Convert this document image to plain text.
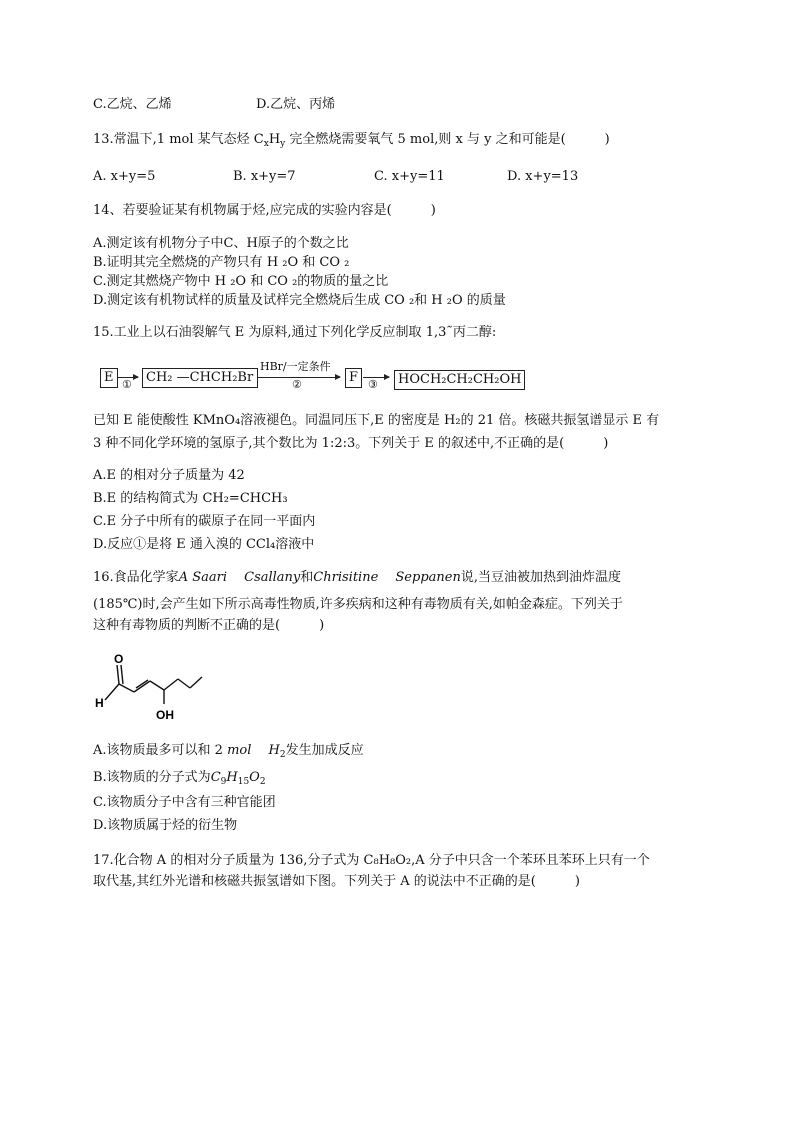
C.乙烷、乙烯	D.乙烷、丙烯
13.常温下,1 mol 某气态烃 $C_xH_y$ 完全燃烧需要氧气 5 mol,则 x 与 y 之和可能是(　　　)
A. x+y=5	B. x+y=7	C. x+y=11	D. x+y=13
14、若要验证某有机物属于烃,应完成的实验内容是(　　　)
A.测定该有机物分子中C、H原子的个数之比
B.证明其完全燃烧的产物只有 H ₂O 和 CO ₂
C.测定其燃烧产物中 H ₂O 和 CO ₂的物质的量之比
D.测定该有机物试样的质量及试样完全燃烧后生成 CO ₂和 H ₂O 的质量
15.工业上以石油裂解气 E 为原料,通过下列化学反应制取 1,3˜丙二醇:
E →
①	CH₂ —CHCH₂Br
HBr/一定条件
②	F →
③	HOCH₂CH₂CH₂OH
已知 E 能使酸性 KMnO₄溶液褪色。同温同压下,E 的密度是 H₂的 21 倍。核磁共振氢谱显示 E 有
3 种不同化学环境的氢原子,其个数比为 1:2:3。下列关于 E 的叙述中,不正确的是(　　　)
A.E 的相对分子质量为 42
B.E 的结构简式为 CH₂=CHCH₃
C.E 分子中所有的碳原子在同一平面内
D.反应①是将 E 通入溴的 CCl₄溶液中
16.食品化学家A Saari　 Csallany和Chrisitine　 Seppanen说,当豆油被加热到油炸温度
(185℃)时,会产生如下所示高毒性物质,许多疾病和这种有毒物质有关,如帕金森症。下列关于
这种有毒物质的判断不正确的是(　　　)
O
H
OH
A.该物质最多可以和 2 mol　 $H_2$发生加成反应
B.该物质的分子式为$C_9H_{15}O_2$
C.该物质分子中含有三种官能团
D.该物质属于烃的衍生物
17.化合物 A 的相对分子质量为 136,分子式为 C₈H₈O₂,A 分子中只含一个苯环且苯环上只有一个
取代基,其红外光谱和核磁共振氢谱如下图。下列关于 A 的说法中不正确的是(　　　)
